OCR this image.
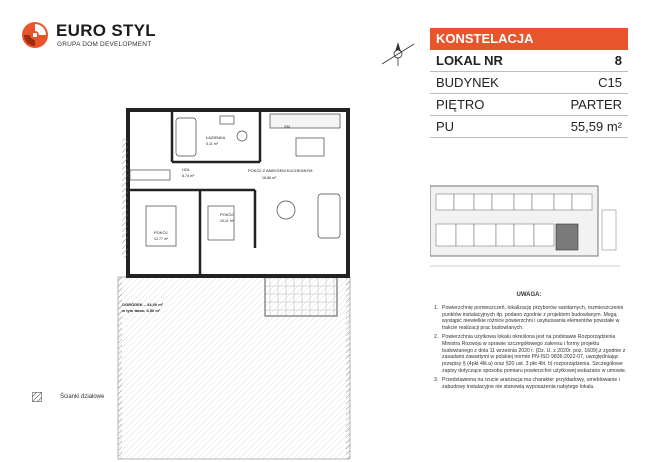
EURO STYL
GRUPA DOM DEVELOPMENT	KONSTELACJA
LOKAL NR	8
BUDYNEK	C15
PIĘTRO	PARTER
PU	55,59 m²
ŁAZIENKA
5,11 m²
HOL
8,74 m²
POKÓJ Z ANEKSEM KUCHENNYM
18,88 m²
POKÓJ
10,11 m²
POKÓJ
12,77 m²
ZM
OGRÓDEK – 34,00 m²
w tym taras: 6,50 m²
UWAGA:
1. Powierzchnię pomieszczeń, lokalizację przyborów sanitarnych, rozmieszczenie punktów instalacyjnych itp. podano zgodnie z projektem budowlanym. Mogą wystąpić niewielkie różnice powierzchni i usytuowania elementów powstałe w trakcie realizacji prac budowlanych.
2. Powierzchnia użytkowa lokalu określona jest na podstawie Rozporządzenia Ministra Rozwoju w sprawie szczegółowego zakresu i formy projektu budowlanego z dnia 11 września 2020 r. (Dz. U. z 2020r. poz. 1609),z zgodnie z zasadami zawartymi w polskiej normie PN-ISO 9836:2022-07, uwzględniając przepisy § (4pkt 4lit.a) oraz §20 ust. 3 pkt 4lit. b) rozporządzenia. Szczegółowe zapisy dotyczące sposobu pomiaru powierzchni użytkowej wskazano w umowie.
3. Przedstawiona na rzucie aranżacja ma charakter przykładowy, umeblowanie i zabudowy instalacyjne nie stanowią wyposażenia nabytego lokalu.
Ścianki działowe
